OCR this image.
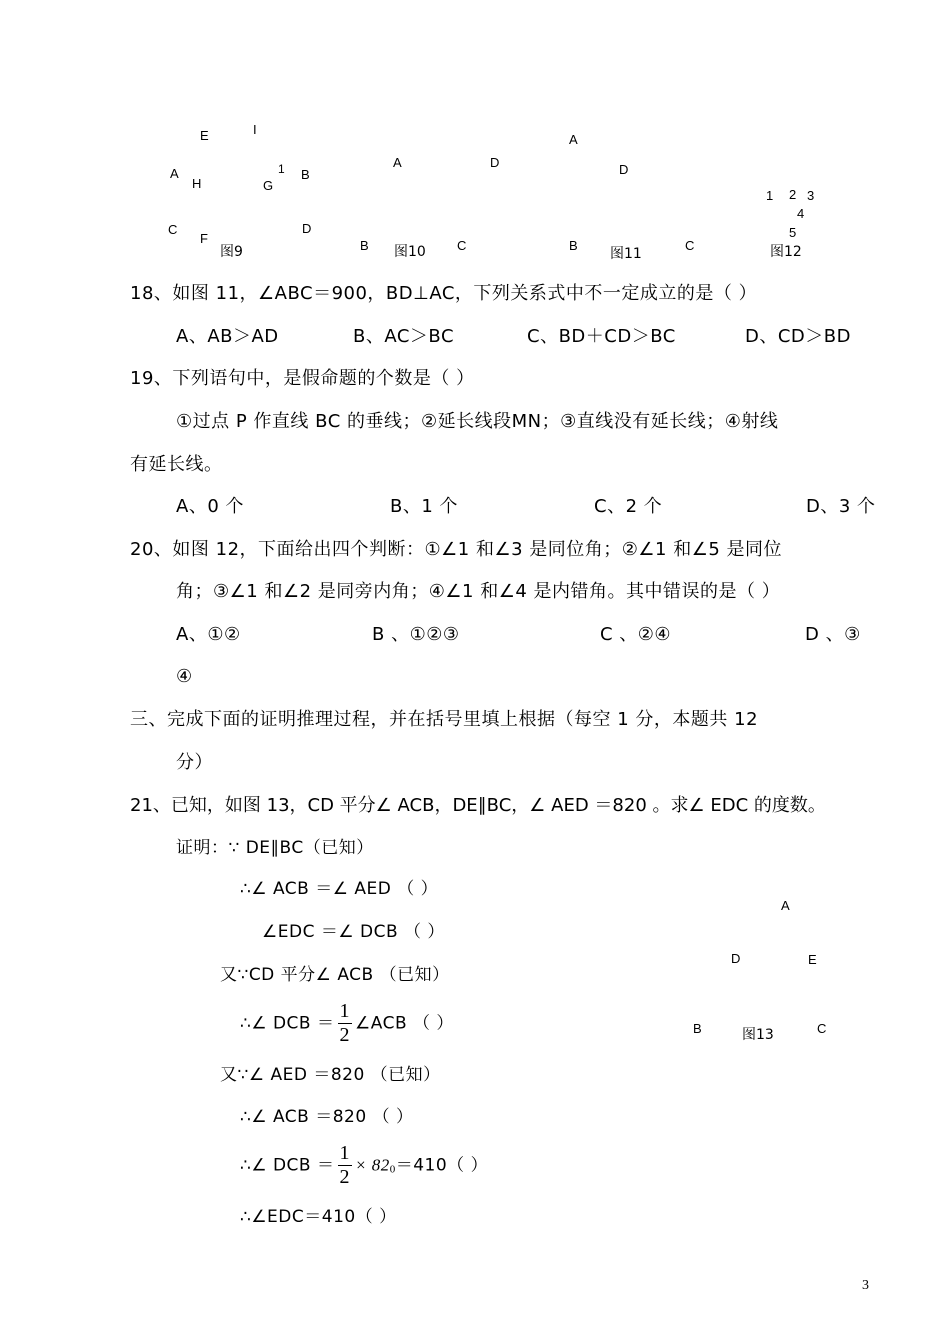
E	I
A
H	G
1 B
C
F
D
图9
A	D
B	C
图10
A
D
B	C
图11
1 2 3
4
5
图12
18、如图 11，∠ABC＝900，BD⊥AC，下列关系式中不一定成立的是（ ）
A、AB＞AD	B、AC＞BC	C、BD＋CD＞BC	D、CD＞BD
19、下列语句中，是假命题的个数是（ ）
①过点 P 作直线 BC 的垂线；②延长线段MN；③直线没有延长线；④射线
有延长线。
A、0 个	B、1 个	C、2 个	D、3 个
20、如图 12，下面给出四个判断：①∠1 和∠3 是同位角；②∠1 和∠5 是同位
角；③∠1 和∠2 是同旁内角；④∠1 和∠4 是内错角。其中错误的是（ ）
A、①②	B 、①②③	C 、②④	D 、③
④
三、完成下面的证明推理过程，并在括号里填上根据（每空 1 分，本题共 12
分）
21、已知，如图 13，CD 平分∠ ACB，DE∥BC，∠ AED ＝820 。求∠ EDC 的度数。
证明：∵ DE∥BC（已知）
∴∠ ACB ＝∠ AED （ ）
∠EDC ＝∠ DCB （ ）
又∵CD 平分∠ ACB （已知）
∴∠ DCB ＝ $\frac{1}{2}$ ∠ACB （ ）
又∵∠ AED ＝820 （已知）
∴∠ ACB ＝820 （ ）
∴∠ DCB ＝ $\frac{1}{2} \times 820=410$（ ）
∴∠EDC＝410（ ）
A
D	E
B	图13	C
3
